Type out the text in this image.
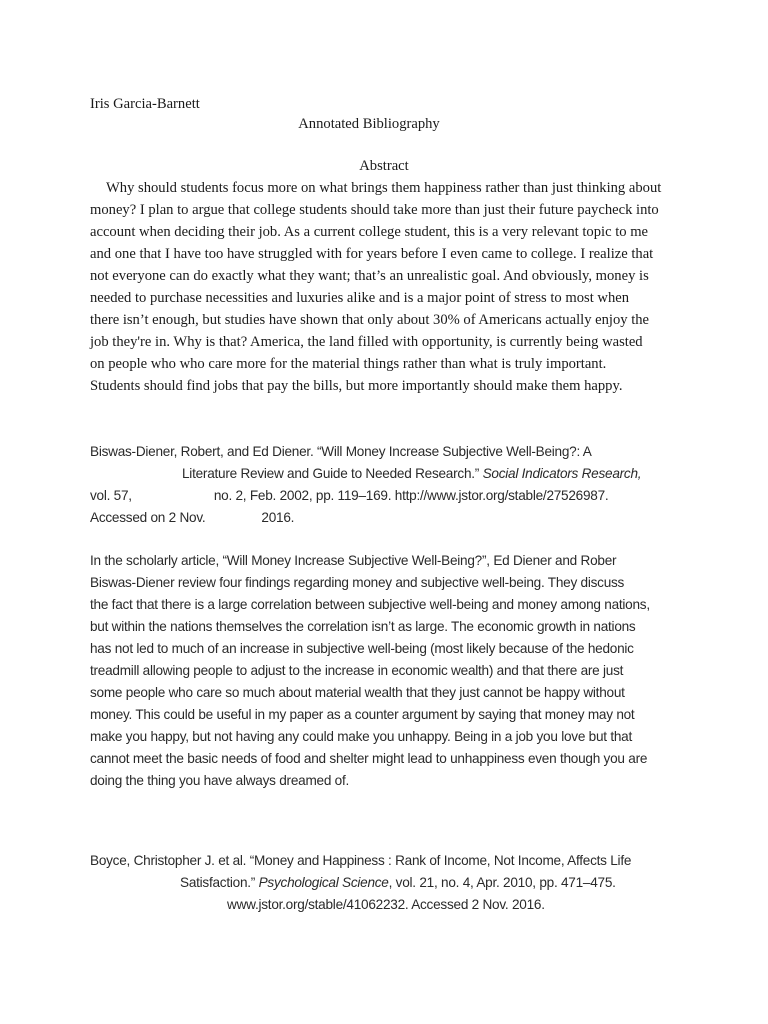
Iris Garcia-Barnett

Annotated Bibliography

Abstract

Why should students focus more on what brings them happiness rather than just thinking about
money? I plan to argue that college students should take more than just their future paycheck into
account when deciding their job. As a current college student, this is a very relevant topic to me
and one that I have too have struggled with for years before I even came to college. I realize that
not everyone can do exactly what they want; that’s an unrealistic goal. And obviously, money is
needed to purchase necessities and luxuries alike and is a major point of stress to most when
there isn’t enough, but studies have shown that only about 30% of Americans actually enjoy the
job they're in. Why is that? America, the land filled with opportunity, is currently being wasted
on people who who care more for the material things rather than what is truly important.
Students should find jobs that pay the bills, but more importantly should make them happy.
Biswas-Diener, Robert, and Ed Diener. “Will Money Increase Subjective Well-Being?: A
Literature Review and Guide to Needed Research.” Social Indicators Research,
vol. 57,	no. 2, Feb. 2002, pp. 119–169. http://www.jstor.org/stable/27526987.
Accessed on 2 Nov.	2016.
In the scholarly article, “Will Money Increase Subjective Well-Being?”, Ed Diener and Rober
Biswas-Diener review four findings regarding money and subjective well-being. They discuss
the fact that there is a large correlation between subjective well-being and money among nations,
but within the nations themselves the correlation isn’t as large. The economic growth in nations
has not led to much of an increase in subjective well-being (most likely because of the hedonic
treadmill allowing people to adjust to the increase in economic wealth) and that there are just
some people who care so much about material wealth that they just cannot be happy without
money. This could be useful in my paper as a counter argument by saying that money may not
make you happy, but not having any could make you unhappy. Being in a job you love but that
cannot meet the basic needs of food and shelter might lead to unhappiness even though you are
doing the thing you have always dreamed of.
Boyce, Christopher J. et al. “Money and Happiness : Rank of Income, Not Income, Affects Life
Satisfaction.” Psychological Science, vol. 21, no. 4, Apr. 2010, pp. 471–475.
www.jstor.org/stable/41062232. Accessed 2 Nov. 2016.
